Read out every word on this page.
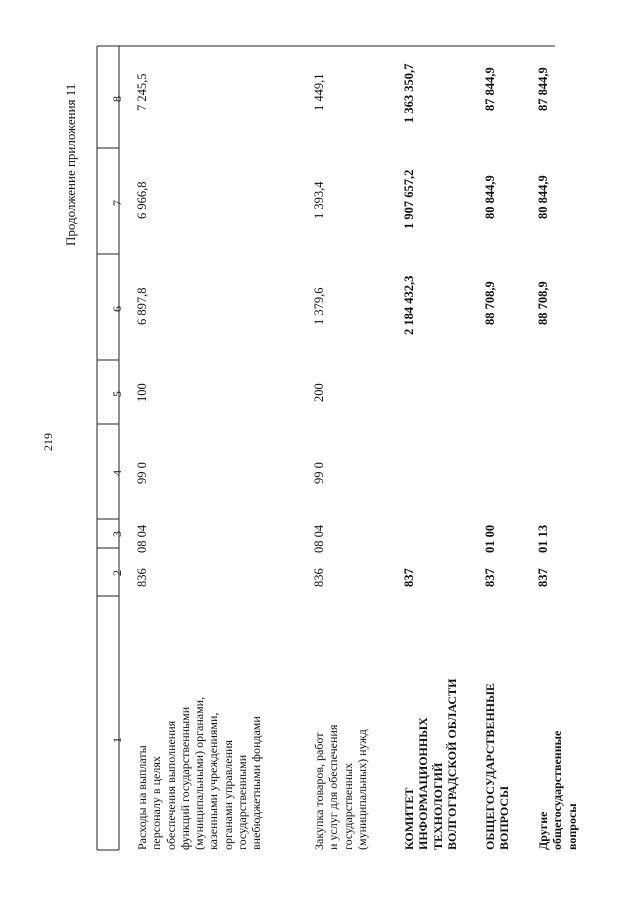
219
Продолжение приложения 11
1
2
3
4
5
6
7
8
Расходы на выплаты персоналу в целях обеспечения выполнения функций государственными (муниципальными) органами, казенными учреждениями, органами управления государственными внебюджетными фондами
836
08 04
99 0
100
6 897,8
6 966,8
7 245,5
Закупка товаров, работ и услуг для обеспечения государственных (муниципальных) нужд
836
08 04
99 0
200
1 379,6
1 393,4
1 449,1
КОМИТЕТ ИНФОРМАЦИОННЫХ ТЕХНОЛОГИЙ ВОЛГОГРАДСКОЙ ОБЛАСТИ
837
2 184 432,3
1 907 657,2
1 363 350,7
ОБЩЕГОСУДАРСТВЕННЫЕ ВОПРОСЫ
837
01 00
88 708,9
80 844,9
87 844,9
Другие общегосударственные вопросы
837
01 13
88 708,9
80 844,9
87 844,9
